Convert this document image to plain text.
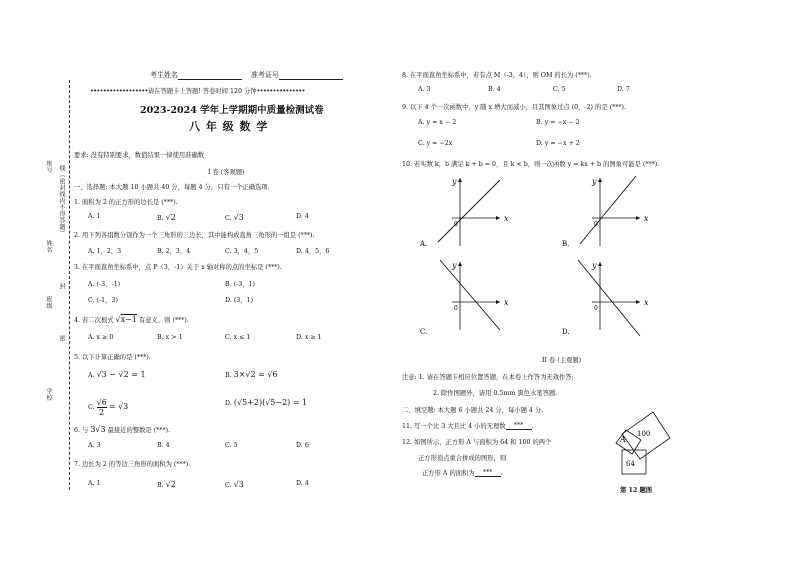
考生姓名	准考证号
••••••••••••••••••请在答题卡上答题! 答卷时间 120 分钟•••••••••••••••
2023-2024 学年上学期期中质量检测试卷
八 年 级 数 学
要求: 没有特别要求，数值结果一律使用准确数
I 卷 (客观题)
学校
班级
姓名
座号
密
封
线（密封线内不得答题） 一、选择题: 本大题 10 小题共 40 分，每题 4 分，只有一个正确选项.
1. 面积为 2 的正方形的边长是 (***).
A. 1	B. √2	C. √3	D. 4
2. 用下列各组数分别作为一个三角形的三边长，其中能构成直角三角形的一组是 (***).
A. 1，2，3	B. 2，3，4	C. 3，4，5	D. 4，5，6
3. 在平面直角坐标系中，点 P（3，-1）关于 x 轴对称的点的坐标是 (***).
A. (-3，-1)	B. (-3，1)
C. (-1，3)	D. (3，1)
4. 若二次根式 √x−1 有意义，则 (***).
A. x ≥ 0	B. x > 1	C. x ≤ 1	D. x ≥ 1
5. 以下计算正确的是 (***).
A. √3 − √2 = 1	B. 3×√2 = √6
C. $\frac{√6}{2} = √3$	D. (√5+2)(√5−2) = 1
6. 与 3√3 最接近的整数是 (***).
A. 3	B. 4	C. 5	D. 6
7. 边长为 2 的等边三角形的面积为 (***).
A. 1	B. √2	C. √3	D. 4
8. 在平面直角坐标系中，若有点 M（-3，4），则 OM 的长为 (***).
A. 3	B. 4	C. 5	D. 7
9. 以下 4 个一次函数中，y 随 x 增大而减小，且其图象过点 (0，-2) 的是 (***).
A. y = x − 2	B. y = −x − 2
C. y = −2x	D. y = −x + 2
10. 若实数 k，b 满足 k + b = 0，且 k < b，则一次函数 y = kx + b 的图象可能是 (***).
x
y
0
A.
x
y
0
B.
x
y
0
C.
x
y
0
D.
II 卷 (主观题)
注意: 1. 请在答题卡相应位置答题，在本卷上作答为无效作答;
2. 除作图题外，请用 0.5mm 黑色水笔答题.
二、填空题: 本大题 6 小题共 24 分，每小题 4 分.
11. 写一个比 3 大且比 4 小的无理数 *** .
12. 如图所示，正方形 A 与面积为 64 和 100 的两个
正方形顶点重合拼成的图形，则
正方形 A 的面积为 *** .
A
100
64
第 12 题图
